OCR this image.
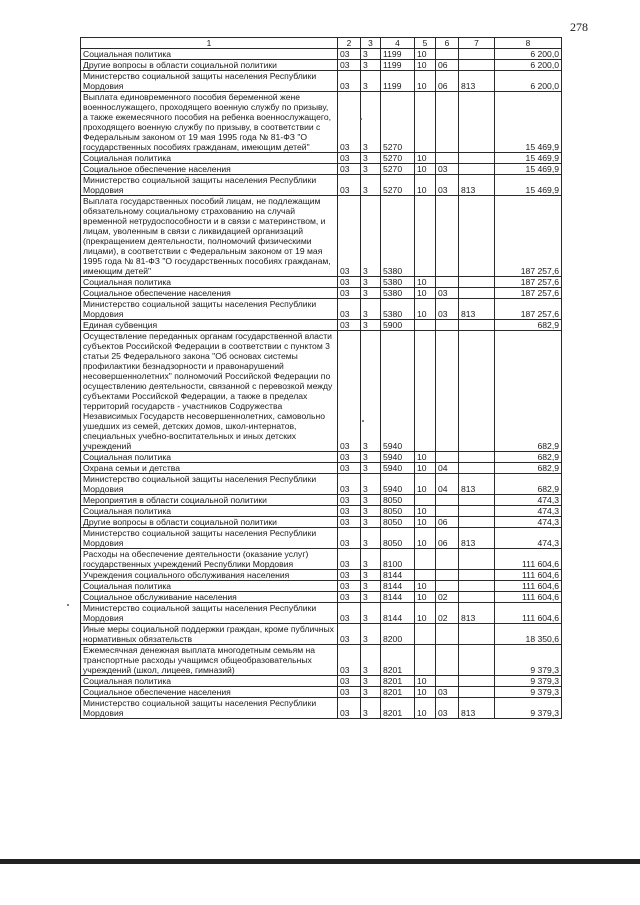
278
1	2	3	4	5	6	7	8
Социальная политика	03	3	1199	10			6 200,0
Другие вопросы в области социальной политики	03	3	1199	10	06		6 200,0
Министерство социальной защиты населения Республики Мордовия	03	3	1199	10	06	813	6 200,0
Выплата единовременного пособия беременной жене военнослужащего, проходящего военную службу по призыву, а также ежемесячного пособия на ребенка военнослужащего, проходящего военную службу по призыву, в соответствии с Федеральным законом от 19 мая 1995 года № 81-ФЗ "О государственных пособиях гражданам, имеющим детей"	03	3	5270				15 469,9
Социальная политика	03	3	5270	10			15 469,9
Социальное обеспечение населения	03	3	5270	10	03		15 469,9
Министерство социальной защиты населения Республики Мордовия	03	3	5270	10	03	813	15 469,9
Выплата государственных пособий лицам, не подлежащим обязательному социальному страхованию на случай временной нетрудоспособности и в связи с материнством, и лицам, уволенным в связи с ликвидацией организаций (прекращением деятельности, полномочий физическими лицами), в соответствии с Федеральным законом от 19 мая 1995 года № 81-ФЗ "О государственных пособиях гражданам, имеющим детей"	03	3	5380				187 257,6
Социальная политика	03	3	5380	10			187 257,6
Социальное обеспечение населения	03	3	5380	10	03		187 257,6
Министерство социальной защиты населения Республики Мордовия	03	3	5380	10	03	813	187 257,6
Единая субвенция	03	3	5900				682,9
Осуществление переданных органам государственной власти субъектов Российской Федерации в соответствии с пунктом 3 статьи 25 Федерального закона "Об основах системы профилактики безнадзорности и правонарушений несовершеннолетних" полномочий Российской Федерации по осуществлению деятельности, связанной с перевозкой между субъектами Российской Федерации, а также в пределах территорий государств - участников Содружества Независимых Государств несовершеннолетних, самовольно ушедших из семей, детских домов, школ-интернатов, специальных учебно-воспитательных и иных детских учреждений	03	3	5940				682,9
Социальная политика	03	3	5940	10			682,9
Охрана семьи и детства	03	3	5940	10	04		682,9
Министерство социальной защиты населения Республики Мордовия	03	3	5940	10	04	813	682,9
Мероприятия в области социальной политики	03	3	8050				474,3
Социальная политика	03	3	8050	10			474,3
Другие вопросы в области социальной политики	03	3	8050	10	06		474,3
Министерство социальной защиты населения Республики Мордовия	03	3	8050	10	06	813	474,3
Расходы на обеспечение деятельности (оказание услуг) государственных учреждений Республики Мордовия	03	3	8100				111 604,6
Учреждения социального обслуживания населения	03	3	8144				111 604,6
Социальная политика	03	3	8144	10			111 604,6
Социальное обслуживание населения	03	3	8144	10	02		111 604,6
Министерство социальной защиты населения Республики Мордовия	03	3	8144	10	02	813	111 604,6
Иные меры социальной поддержки граждан, кроме публичных нормативных обязательств	03	3	8200				18 350,6
Ежемесячная денежная выплата многодетным семьям на транспортные расходы учащимся общеобразовательных учреждений (школ, лицеев, гимназий)	03	3	8201				9 379,3
Социальная политика	03	3	8201	10			9 379,3
Социальное обеспечение населения	03	3	8201	10	03		9 379,3
Министерство социальной защиты населения Республики Мордовия	03	3	8201	10	03	813	9 379,3
